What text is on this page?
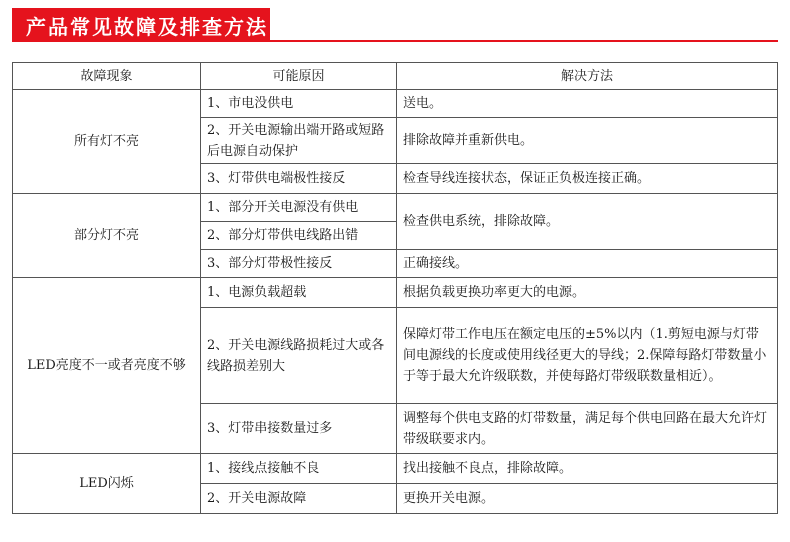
产品常见故障及排查方法
故障现象	可能原因	解决方法
所有灯不亮	1、市电没供电	送电。
	2、开关电源输出端开路或短路后电源自动保护	排除故障并重新供电。
	3、灯带供电端极性接反	检查导线连接状态，保证正负极连接正确。
部分灯不亮	1、部分开关电源没有供电	检查供电系统，排除故障。
	2、部分灯带供电线路出错	
	3、部分灯带极性接反	正确接线。
LED亮度不一或者亮度不够	1、电源负载超载	根据负载更换功率更大的电源。
	2、开关电源线路损耗过大或各线路损差别大	保障灯带工作电压在额定电压的±5%以内（1.剪短电源与灯带间电源线的长度或使用线径更大的导线；2.保障每路灯带数量小于等于最大允许级联数，并使每路灯带级联数量相近）。
	3、灯带串接数量过多	调整每个供电支路的灯带数量，满足每个供电回路在最大允许灯带级联要求内。
LED闪烁	1、接线点接触不良	找出接触不良点，排除故障。
	2、开关电源故障	更换开关电源。
